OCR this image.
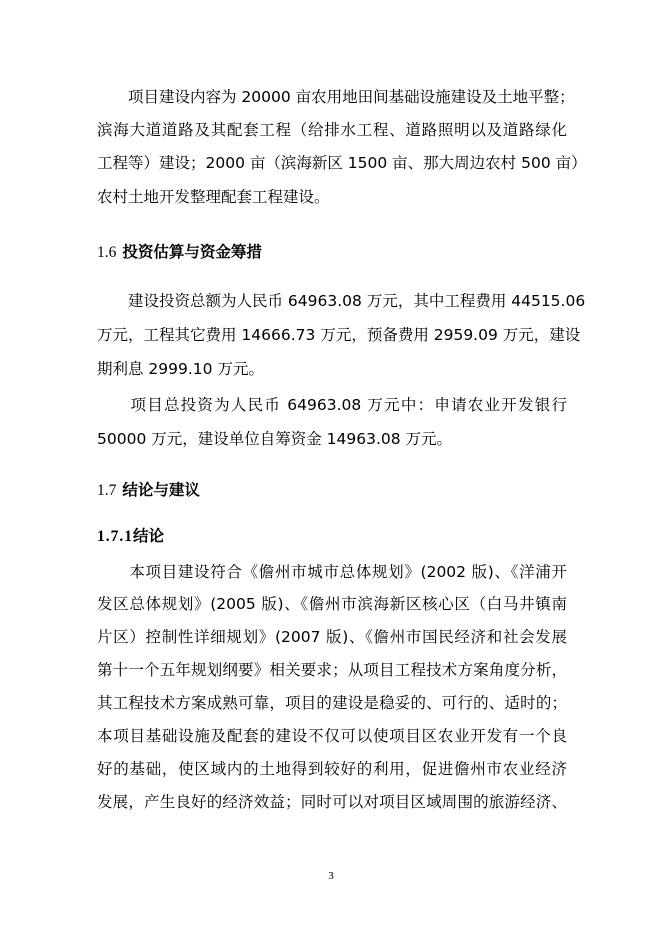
　　项目建设内容为 20000 亩农用地田间基础设施建设及土地平整；
滨海大道道路及其配套工程（给排水工程、道路照明以及道路绿化
工程等）建设；2000 亩（滨海新区 1500 亩、那大周边农村 500 亩）
农村土地开发整理配套工程建设。
1.6 投资估算与资金筹措
　　建设投资总额为人民币 64963.08 万元，其中工程费用 44515.06
万元，工程其它费用 14666.73 万元，预备费用 2959.09 万元，建设
期利息 2999.10 万元。
　　项目总投资为人民币 64963.08 万元中：申请农业开发银行
50000 万元，建设单位自筹资金 14963.08 万元。
1.7 结论与建议
1.7.1结论
　　本项目建设符合《儋州市城市总体规划》(2002 版)、《洋浦开
发区总体规划》(2005 版)、《儋州市滨海新区核心区（白马井镇南
片区）控制性详细规划》(2007 版)、《儋州市国民经济和社会发展
第十一个五年规划纲要》相关要求；从项目工程技术方案角度分析，
其工程技术方案成熟可靠，项目的建设是稳妥的、可行的、适时的；
本项目基础设施及配套的建设不仅可以使项目区农业开发有一个良
好的基础，使区域内的土地得到较好的利用，促进儋州市农业经济
发展，产生良好的经济效益；同时可以对项目区域周围的旅游经济、
3
